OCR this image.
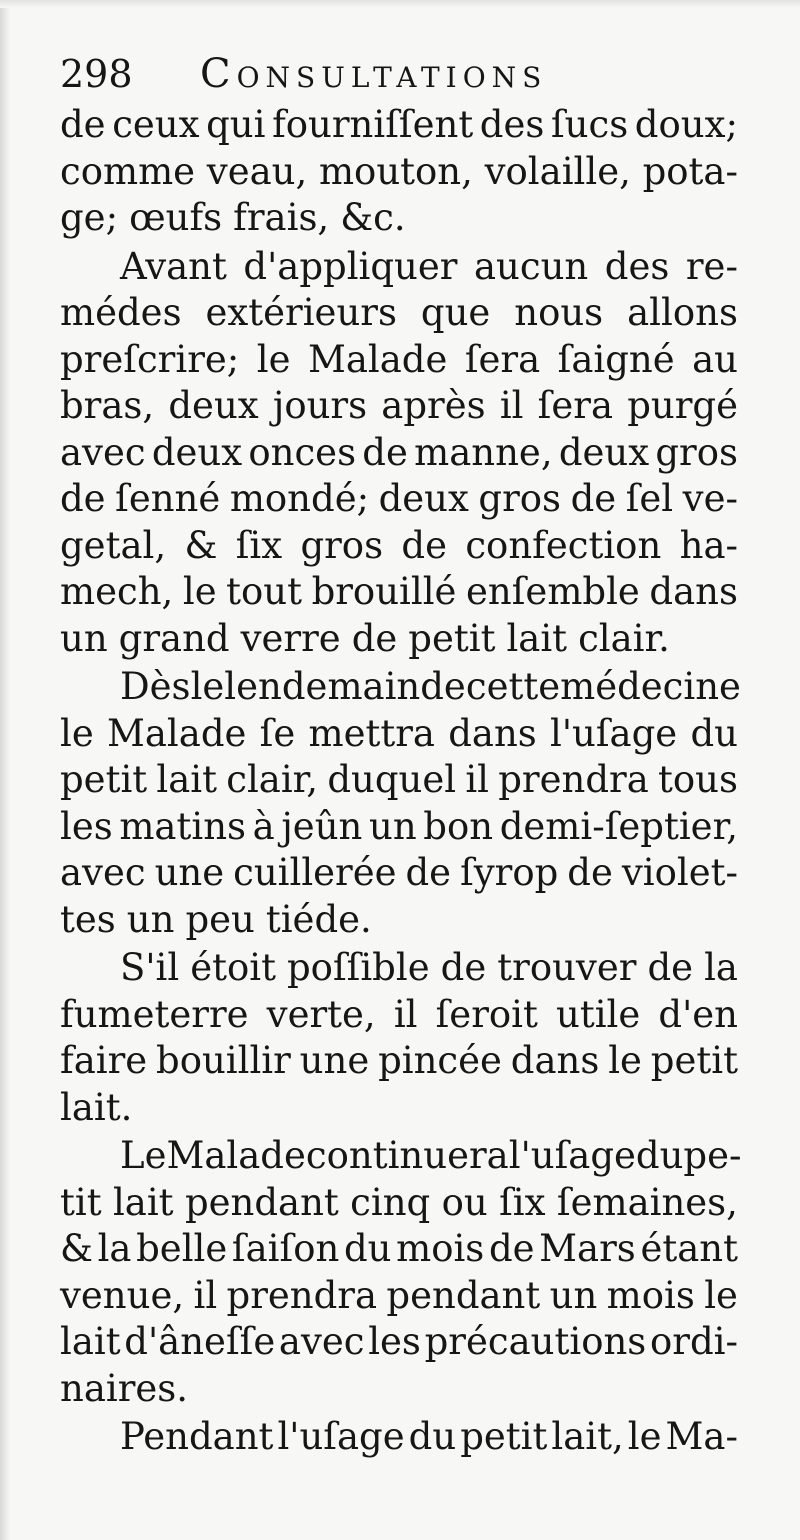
298	Consultations
de ceux qui fourniſſent des ſucs doux;
comme veau, mouton, volaille, pota-
ge; œufs frais, &c.
Avant d'appliquer aucun des re-
médes extérieurs que nous allons
preſcrire; le Malade ſera ſaigné au
bras, deux jours après il ſera purgé
avec deux onces de manne, deux gros
de ſenné mondé; deux gros de ſel ve-
getal, & ſix gros de confection ha-
mech, le tout brouillé enſemble dans
un grand verre de petit lait clair.
Dès le lendemain de cette médecine
le Malade ſe mettra dans l'uſage du
petit lait clair, duquel il prendra tous
les matins à jeûn un bon demi-ſeptier,
avec une cuillerée de ſyrop de violet-
tes un peu tiéde.
S'il étoit poſſible de trouver de la
fumeterre verte, il ſeroit utile d'en
faire bouillir une pincée dans le petit
lait.
Le Malade continuera l'uſage du pe-
tit lait pendant cinq ou ſix ſemaines,
& la belle ſaiſon du mois de Mars étant
venue, il prendra pendant un mois le
lait d'âneſſe avec les précautions ordi-
naires.
Pendant l'uſage du petit lait, le Ma-
